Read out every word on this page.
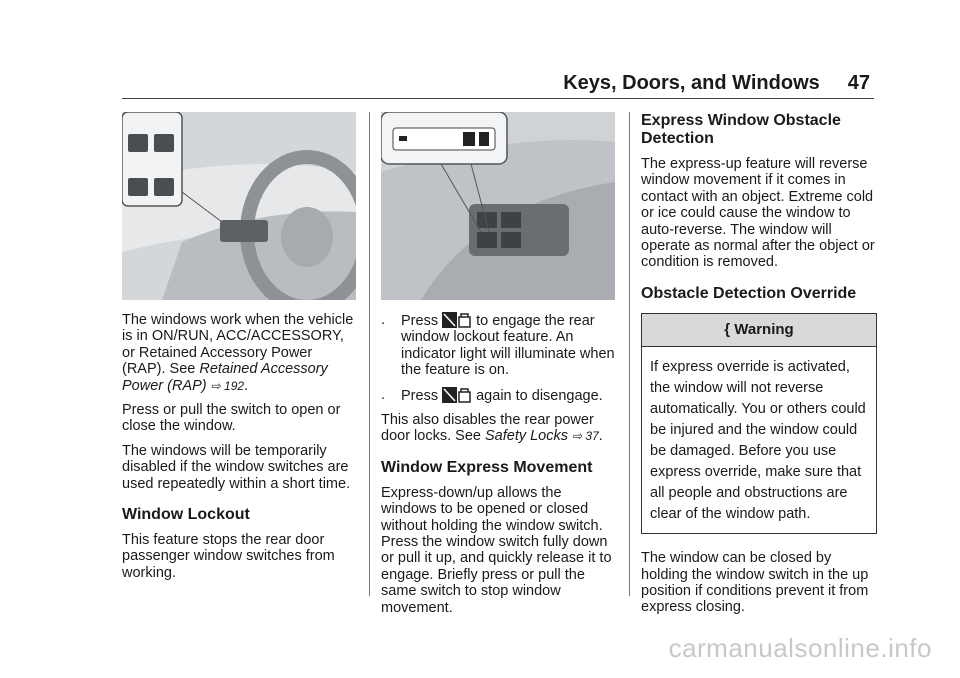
Keys, Doors, and Windows 47

The windows work when the vehicle is in ON/RUN, ACC/ACCESSORY, or Retained Accessory Power (RAP). See Retained Accessory Power (RAP) ⇨ 192.

Press or pull the switch to open or close the window.

The windows will be temporarily disabled if the window switches are used repeatedly within a short time.

Window Lockout

This feature stops the rear door passenger window switches from working.

.	Press  to engage the rear window lockout feature. An indicator light will illuminate when the feature is on.
.	Press  again to disengage.

This also disables the rear power door locks. See Safety Locks ⇨ 37.

Window Express Movement

Express-down/up allows the windows to be opened or closed without holding the window switch. Press the window switch fully down or pull it up, and quickly release it to engage. Briefly press or pull the same switch to stop window movement.

Express Window Obstacle Detection

The express-up feature will reverse window movement if it comes in contact with an object. Extreme cold or ice could cause the window to auto-reverse. The window will operate as normal after the object or condition is removed.

Obstacle Detection Override
{ Warning
If express override is activated, the window will not reverse automatically. You or others could be injured and the window could be damaged. Before you use express override, make sure that all people and obstructions are clear of the window path.

The window can be closed by holding the window switch in the up position if conditions prevent it from express closing.

carmanualsonline.info
